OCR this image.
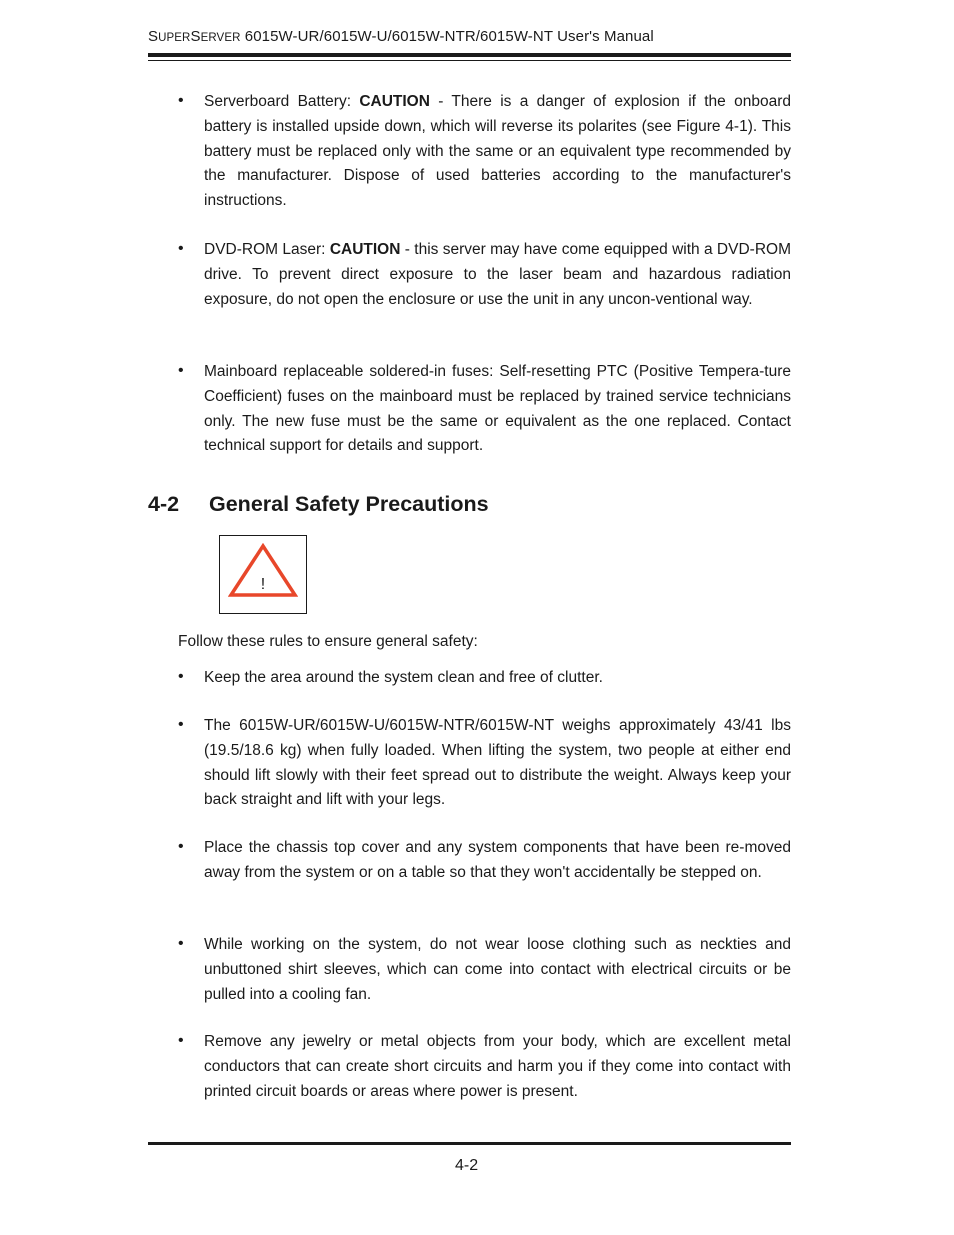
SUPERSERVER 6015W-UR/6015W-U/6015W-NTR/6015W-NT User's Manual
• Serverboard Battery: CAUTION - There is a danger of explosion if the onboard battery is installed upside down, which will reverse its polarites (see Figure 4-1). This battery must be replaced only with the same or an equivalent type recommended by the manufacturer. Dispose of used batteries according to the manufacturer's instructions.
• DVD-ROM Laser: CAUTION - this server may have come equipped with a DVD-ROM drive. To prevent direct exposure to the laser beam and hazardous radiation exposure, do not open the enclosure or use the unit in any uncon-ventional way.
• Mainboard replaceable soldered-in fuses: Self-resetting PTC (Positive Tempera-ture Coefficient) fuses on the mainboard must be replaced by trained service technicians only. The new fuse must be the same or equivalent as the one replaced. Contact technical support for details and support.
4-2 General Safety Precautions
!
Follow these rules to ensure general safety:
• Keep the area around the system clean and free of clutter.
• The 6015W-UR/6015W-U/6015W-NTR/6015W-NT weighs approximately 43/41 lbs (19.5/18.6 kg) when fully loaded. When lifting the system, two people at either end should lift slowly with their feet spread out to distribute the weight. Always keep your back straight and lift with your legs.
• Place the chassis top cover and any system components that have been re-moved away from the system or on a table so that they won't accidentally be stepped on.
• While working on the system, do not wear loose clothing such as neckties and unbuttoned shirt sleeves, which can come into contact with electrical circuits or be pulled into a cooling fan.
• Remove any jewelry or metal objects from your body, which are excellent metal conductors that can create short circuits and harm you if they come into contact with printed circuit boards or areas where power is present.
4-2
